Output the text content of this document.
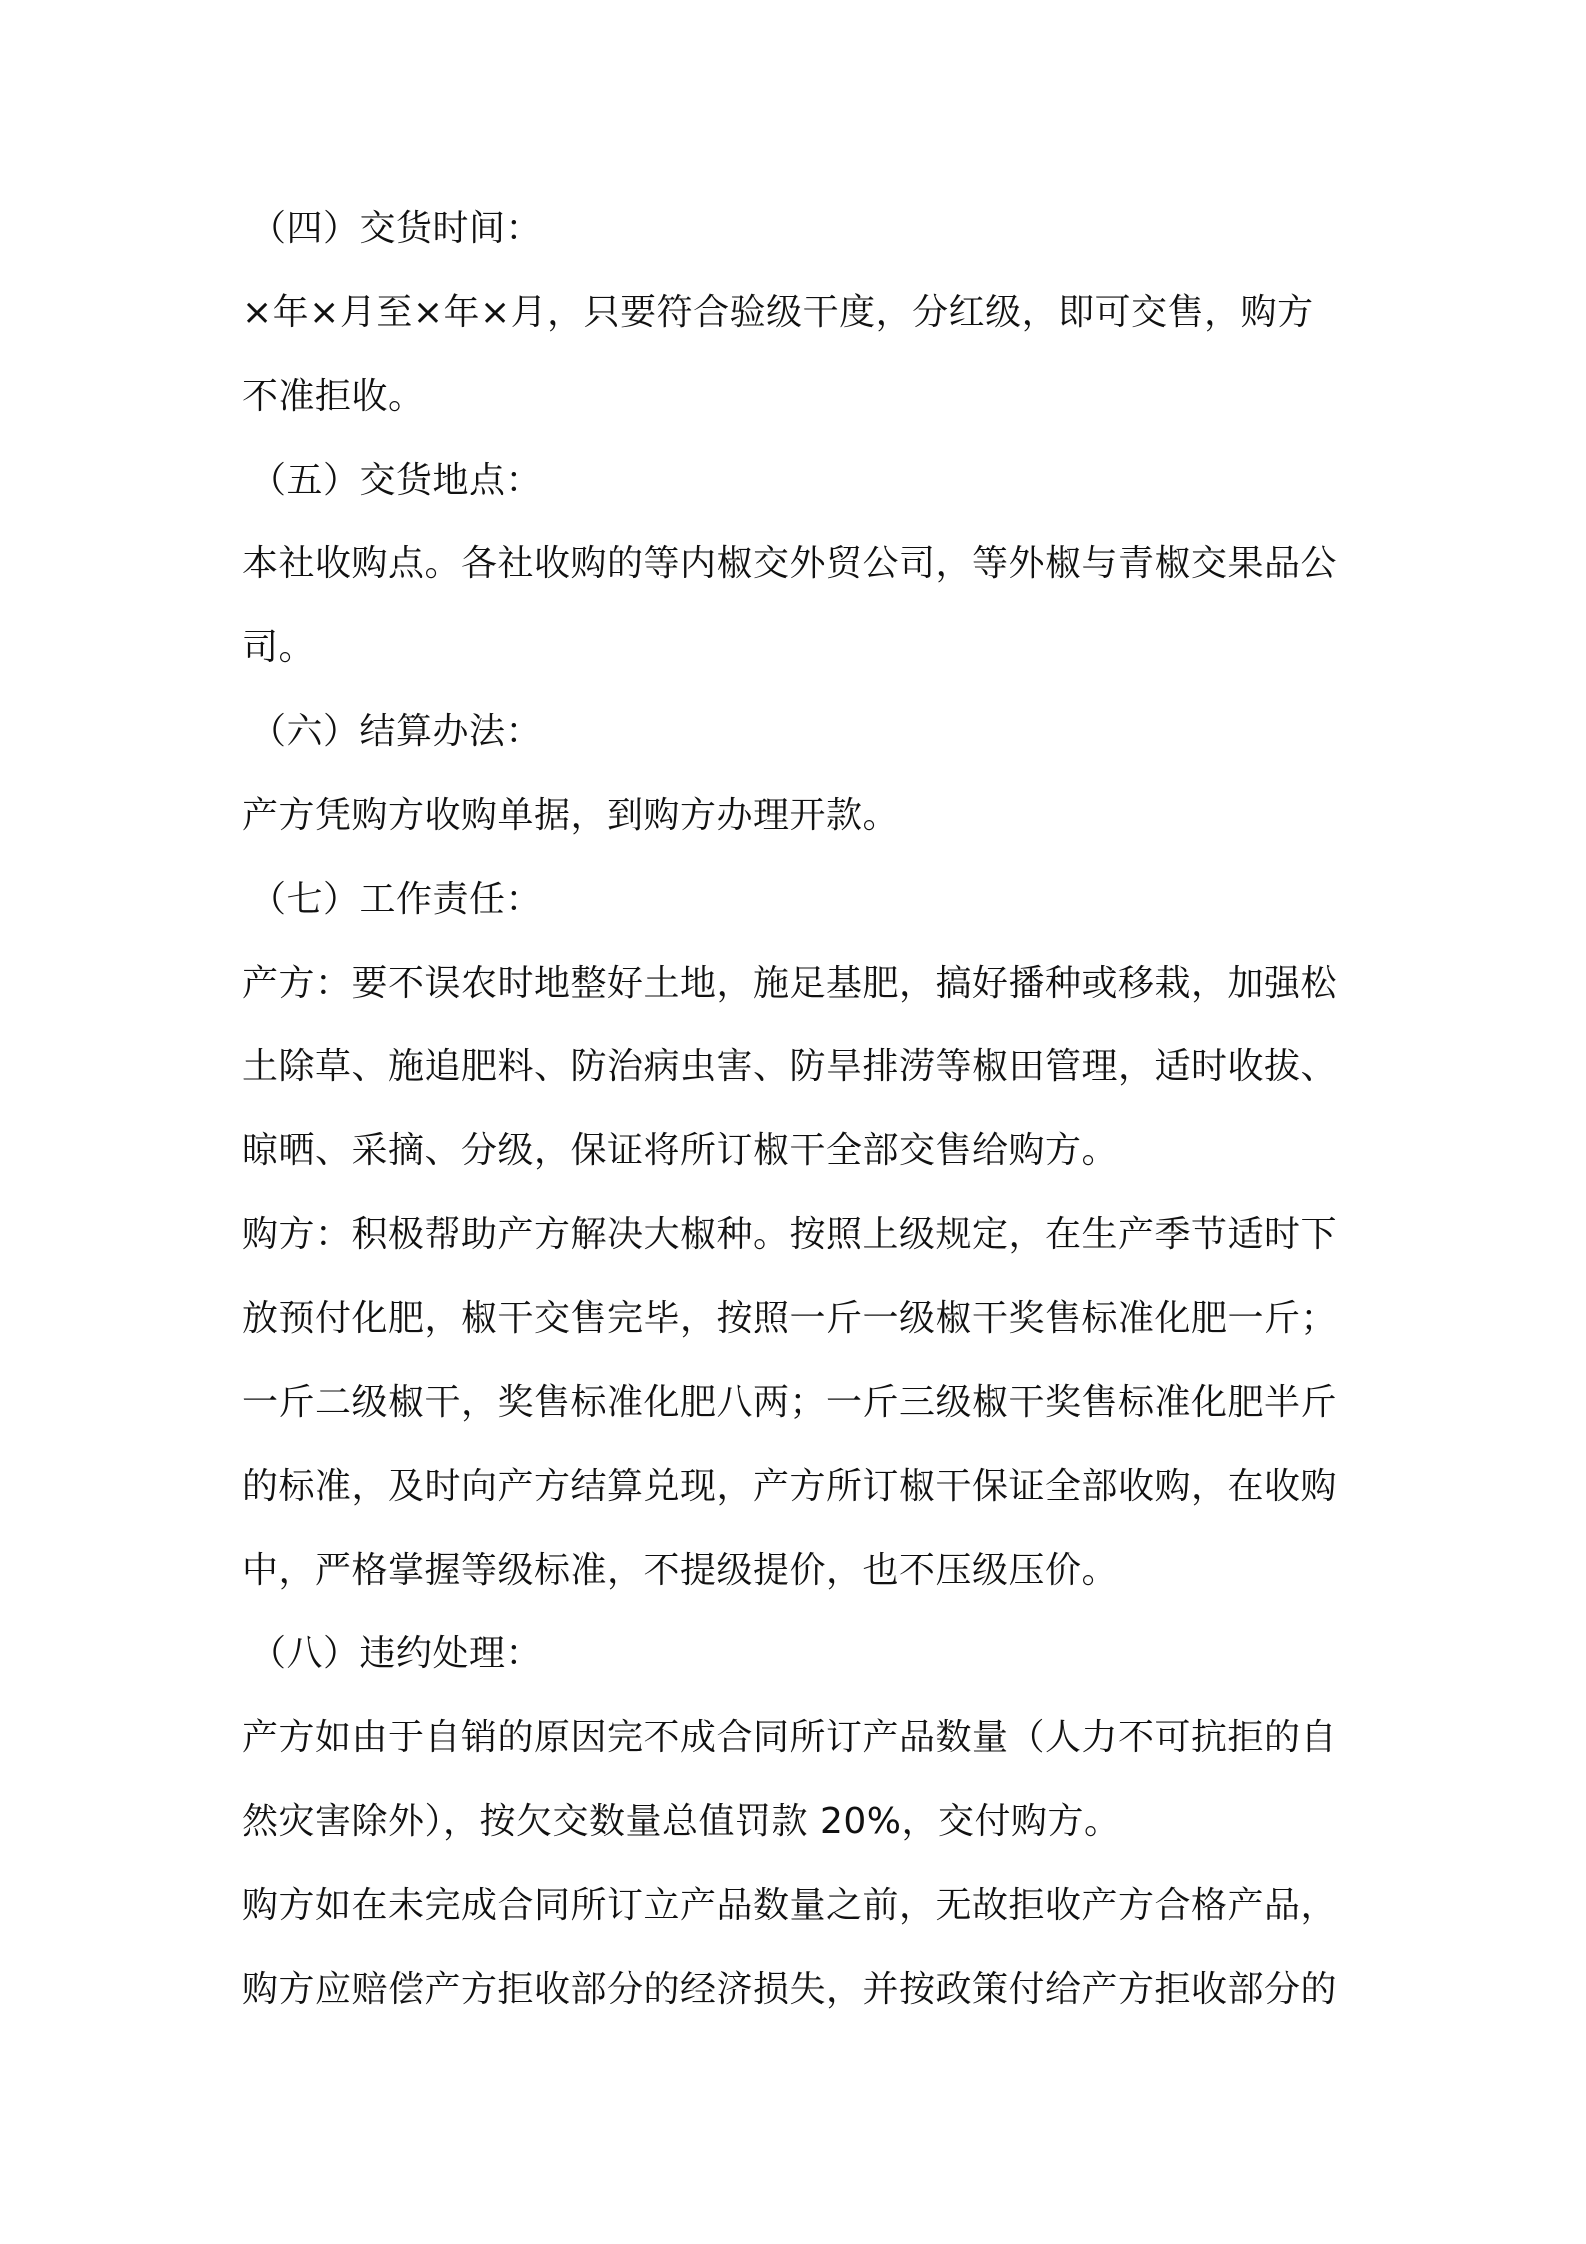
（四）交货时间：
×年×月至×年×月，只要符合验级干度，分红级，即可交售，购方
不准拒收。
（五）交货地点：
本社收购点。各社收购的等内椒交外贸公司，等外椒与青椒交果品公
司。
（六）结算办法：
产方凭购方收购单据，到购方办理开款。
（七）工作责任：
产方：要不误农时地整好土地，施足基肥，搞好播种或移栽，加强松
土除草、施追肥料、防治病虫害、防旱排涝等椒田管理，适时收拔、
晾晒、采摘、分级，保证将所订椒干全部交售给购方。
购方：积极帮助产方解决大椒种。按照上级规定，在生产季节适时下
放预付化肥，椒干交售完毕，按照一斤一级椒干奖售标准化肥一斤；
一斤二级椒干，奖售标准化肥八两；一斤三级椒干奖售标准化肥半斤
的标准，及时向产方结算兑现，产方所订椒干保证全部收购，在收购
中，严格掌握等级标准，不提级提价，也不压级压价。
（八）违约处理：
产方如由于自销的原因完不成合同所订产品数量（人力不可抗拒的自
然灾害除外），按欠交数量总值罚款 20%，交付购方。
购方如在未完成合同所订立产品数量之前，无故拒收产方合格产品，
购方应赔偿产方拒收部分的经济损失，并按政策付给产方拒收部分的
